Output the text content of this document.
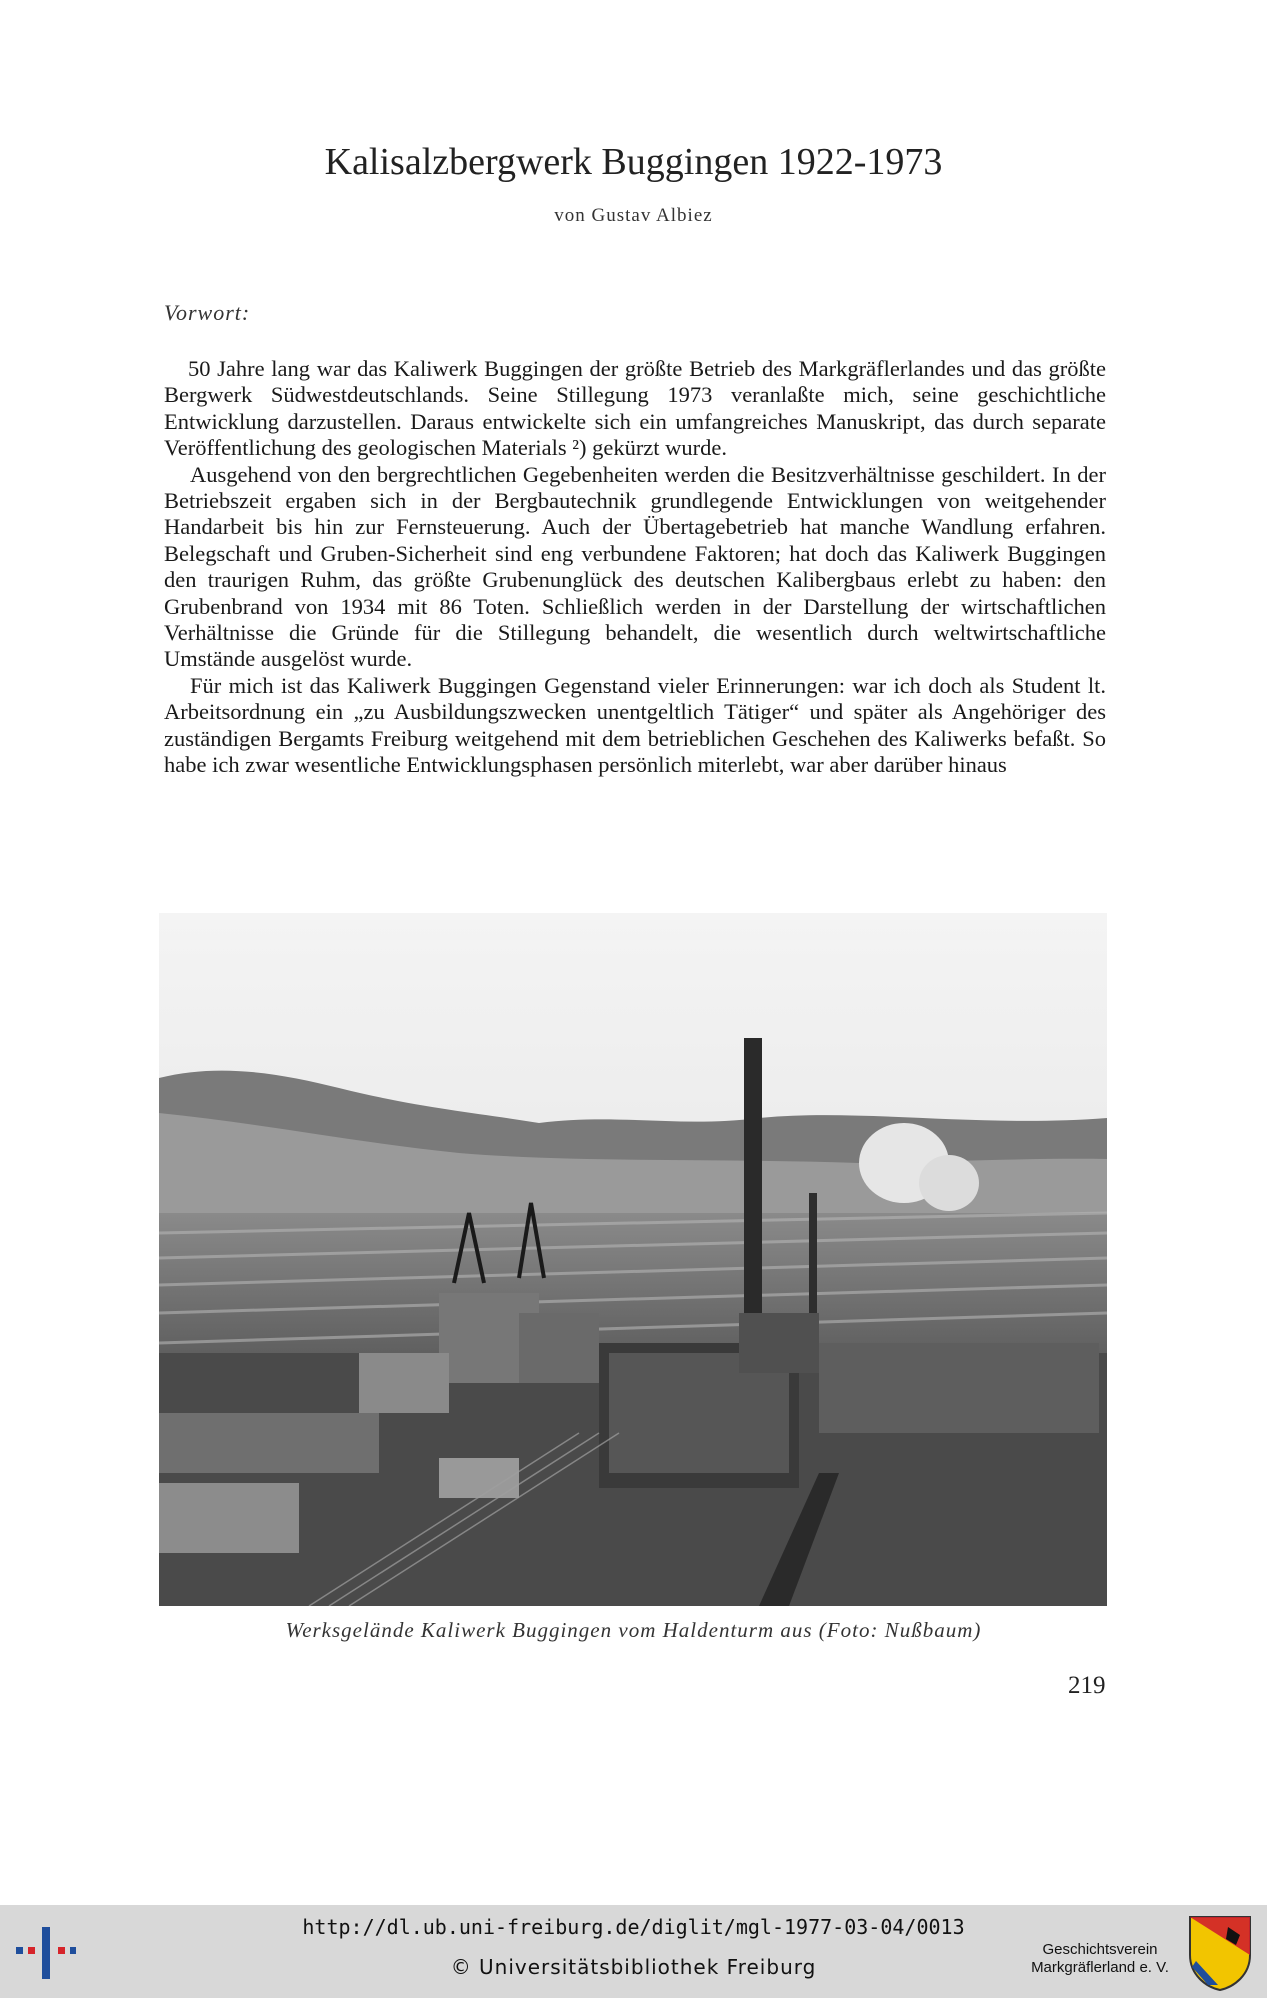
Kalisalzbergwerk Buggingen 1922-1973
von Gustav Albiez
Vorwort:

50 Jahre lang war das Kaliwerk Buggingen der größte Betrieb des Markgräflerlandes und das größte Bergwerk Südwestdeutschlands. Seine Stillegung 1973 veranlaßte mich, seine geschichtliche Entwicklung darzustellen. Daraus entwickelte sich ein umfangreiches Manuskript, das durch separate Veröffentlichung des geologischen Materials ²) gekürzt wurde.

Ausgehend von den bergrechtlichen Gegebenheiten werden die Besitzverhältnisse geschildert. In der Betriebszeit ergaben sich in der Bergbautechnik grundlegende Entwicklungen von weitgehender Handarbeit bis hin zur Fernsteuerung. Auch der Übertagebetrieb hat manche Wandlung erfahren. Belegschaft und Gruben-Sicherheit sind eng verbundene Faktoren; hat doch das Kaliwerk Buggingen den traurigen Ruhm, das größte Grubenunglück des deutschen Kalibergbaus erlebt zu haben: den Grubenbrand von 1934 mit 86 Toten. Schließlich werden in der Darstellung der wirtschaftlichen Verhältnisse die Gründe für die Stillegung behandelt, die wesentlich durch weltwirtschaftliche Umstände ausgelöst wurde.

Für mich ist das Kaliwerk Buggingen Gegenstand vieler Erinnerungen: war ich doch als Student lt. Arbeitsordnung ein „zu Ausbildungszwecken unentgeltlich Tätiger“ und später als Angehöriger des zuständigen Bergamts Freiburg weitgehend mit dem betrieblichen Geschehen des Kaliwerks befaßt. So habe ich zwar wesentliche Entwicklungsphasen persönlich miterlebt, war aber darüber hinaus

Werksgelände Kaliwerk Buggingen vom Haldenturm aus (Foto: Nußbaum)
219
http://dl.ub.uni-freiburg.de/diglit/mgl-1977-03-04/0013
© Universitätsbibliothek Freiburg
Geschichtsverein
Markgräflerland e. V.
